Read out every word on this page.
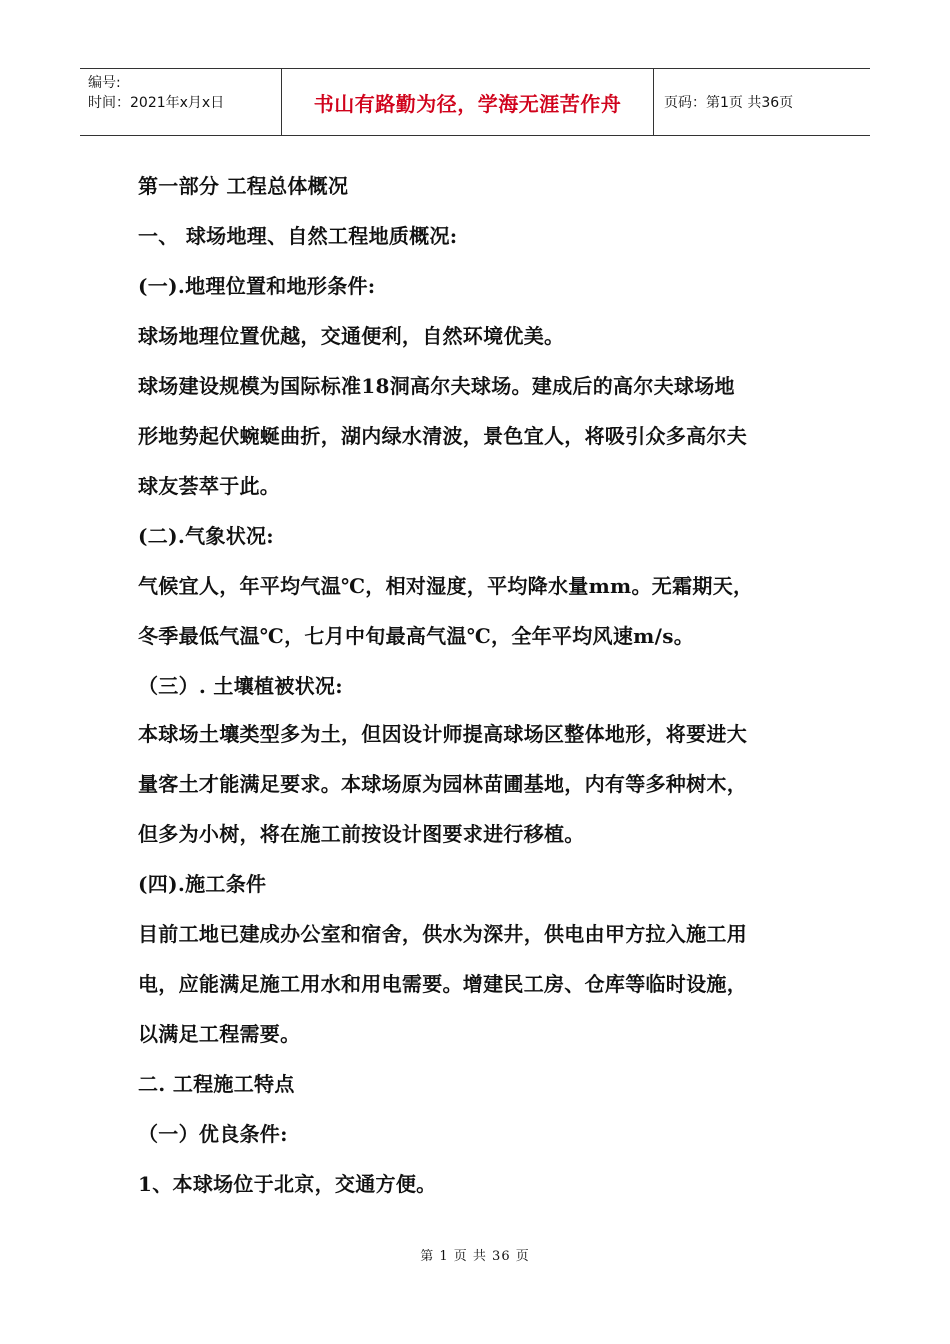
编号:
时间：2021年x月x日	书山有路勤为径，学海无涯苦作舟	页码：第1页 共36页
第一部分 工程总体概况
一、 球场地理、自然工程地质概况:
(一).地理位置和地形条件:
球场地理位置优越，交通便利，自然环境优美。
球场建设规模为国际标准18洞高尔夫球场。建成后的高尔夫球场地
形地势起伏蜿蜒曲折，湖内绿水清波，景色宜人，将吸引众多高尔夫
球友荟萃于此。
(二).气象状况:
气候宜人，年平均气温℃，相对湿度，平均降水量mm。无霜期天，
冬季最低气温℃，七月中旬最高气温℃，全年平均风速m/s。
（三）. 土壤植被状况:
本球场土壤类型多为土，但因设计师提高球场区整体地形，将要进大
量客土才能满足要求。本球场原为园林苗圃基地，内有等多种树木，
但多为小树，将在施工前按设计图要求进行移植。
(四).施工条件
目前工地已建成办公室和宿舍，供水为深井，供电由甲方拉入施工用
电，应能满足施工用水和用电需要。增建民工房、仓库等临时设施，
以满足工程需要。
二. 工程施工特点
（一）优良条件:
1、本球场位于北京，交通方便。
第 1 页 共 36 页
